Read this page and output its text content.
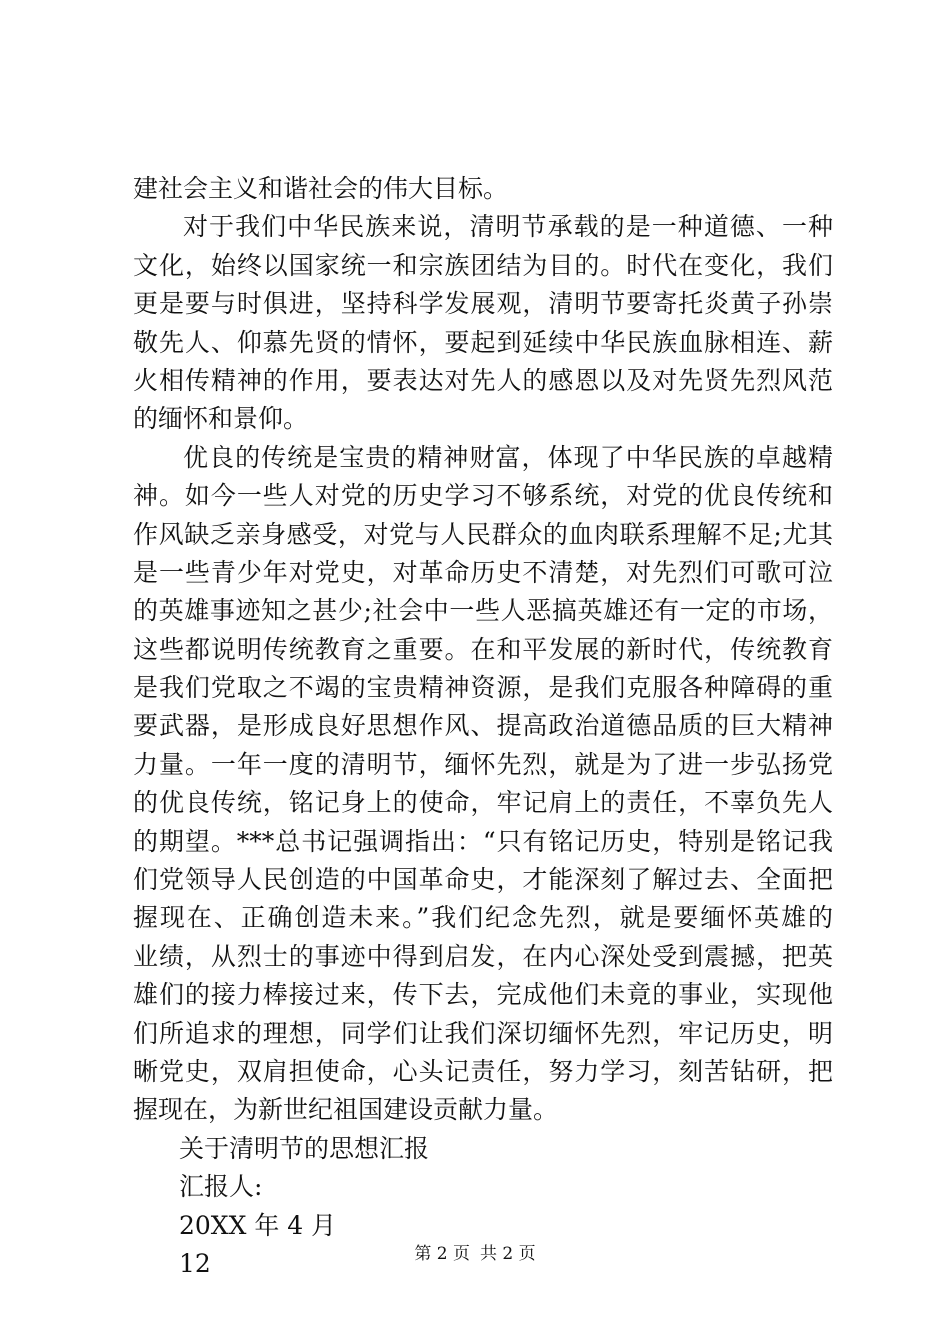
建社会主义和谐社会的伟大目标。
对于我们中华民族来说，清明节承载的是一种道德、一种
文化，始终以国家统一和宗族团结为目的。时代在变化，我们
更是要与时俱进，坚持科学发展观，清明节要寄托炎黄子孙崇
敬先人、仰慕先贤的情怀，要起到延续中华民族血脉相连、薪
火相传精神的作用，要表达对先人的感恩以及对先贤先烈风范
的缅怀和景仰。
优良的传统是宝贵的精神财富，体现了中华民族的卓越精
神。如今一些人对党的历史学习不够系统，对党的优良传统和
作风缺乏亲身感受，对党与人民群众的血肉联系理解不足;尤其
是一些青少年对党史，对革命历史不清楚，对先烈们可歌可泣
的英雄事迹知之甚少;社会中一些人恶搞英雄还有一定的市场，
这些都说明传统教育之重要。在和平发展的新时代，传统教育
是我们党取之不竭的宝贵精神资源，是我们克服各种障碍的重
要武器，是形成良好思想作风、提高政治道德品质的巨大精神
力量。一年一度的清明节，缅怀先烈，就是为了进一步弘扬党
的优良传统，铭记身上的使命，牢记肩上的责任，不辜负先人
的期望。***总书记强调指出：“只有铭记历史，特别是铭记我
们党领导人民创造的中国革命史，才能深刻了解过去、全面把
握现在、正确创造未来。”我们纪念先烈，就是要缅怀英雄的
业绩，从烈士的事迹中得到启发，在内心深处受到震撼，把英
雄们的接力棒接过来，传下去，完成他们未竟的事业，实现他
们所追求的理想，同学们让我们深切缅怀先烈，牢记历史，明
晰党史，双肩担使命，心头记责任，努力学习，刻苦钻研，把
握现在，为新世纪祖国建设贡献力量。
关于清明节的思想汇报
汇报人:
20XX 年 4 月
12	第 2 页 共 2 页
